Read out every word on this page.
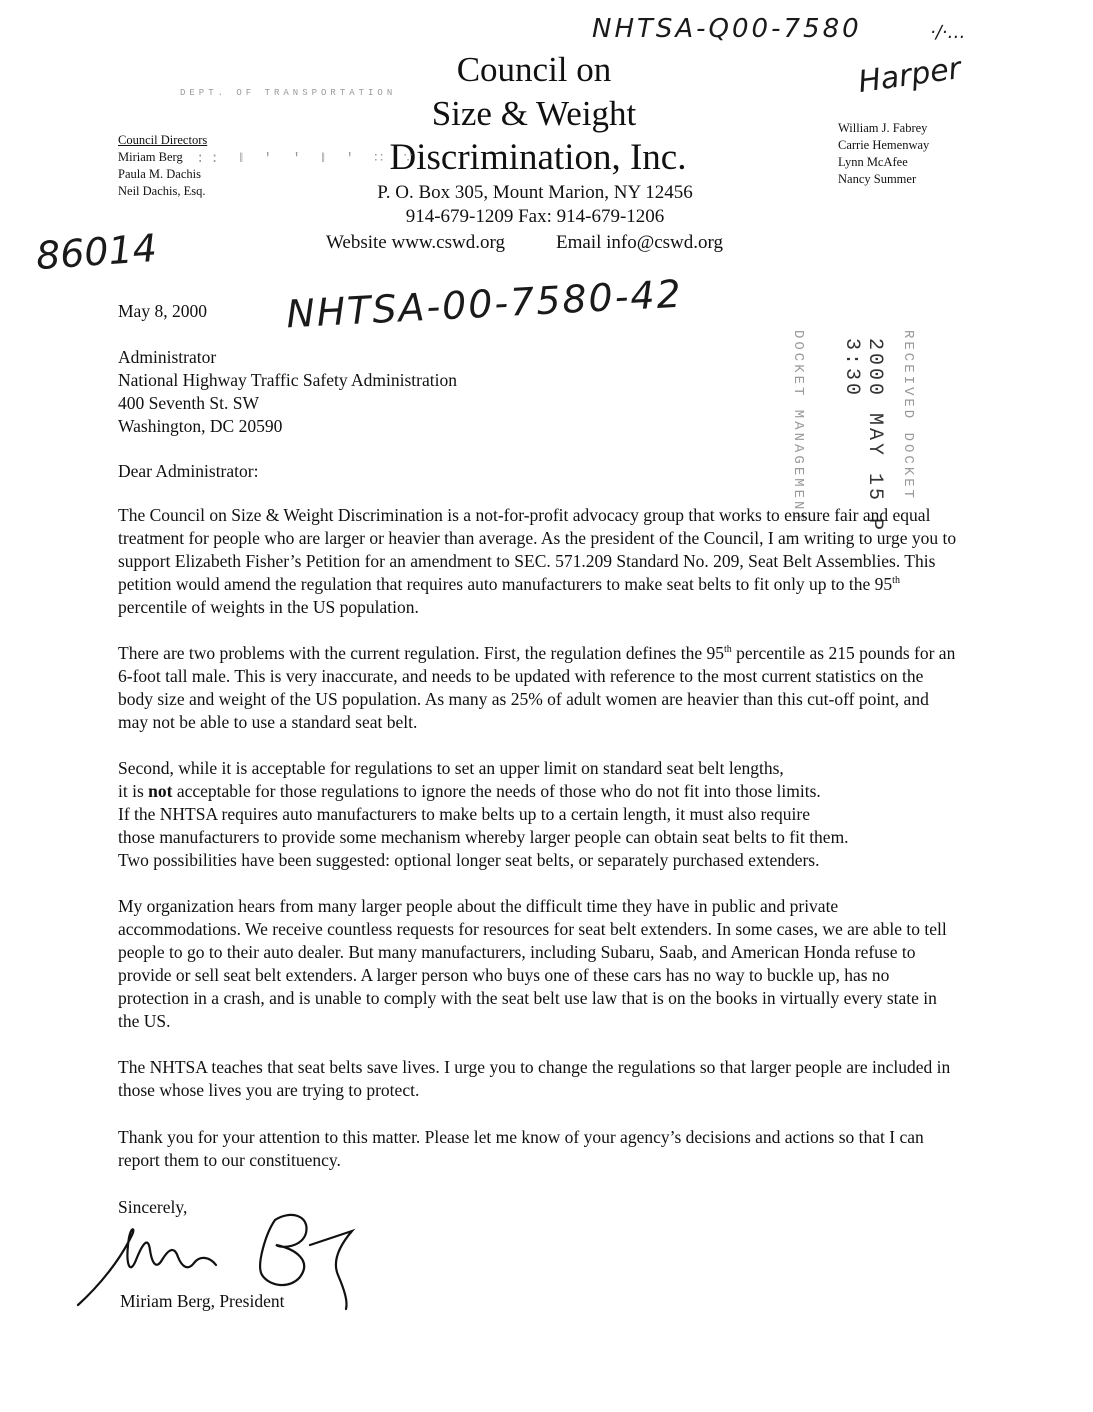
NHTSA-Q00-7580	·∕·…
Harper
DEPT. OF TRANSPORTATION
Council on
Size & Weight
Discrimination, Inc.
P. O. Box 305, Mount Marion, NY 12456
914-679-1209 Fax: 914-679-1206
Website www.cswd.org	Email info@cswd.org
Council Directors
Miriam Berg
Paula M. Dachis
Neil Dachis, Esq.
:: ‖ ' ' ‖ ' ∷ ∵
William J. Fabrey
Carrie Hemenway
Lynn McAfee
Nancy Summer
86014
May 8, 2000 NHTSA-00-7580-42
Administrator
National Highway Traffic Safety Administration
400 Seventh St. SW
Washington, DC 20590	DOCKET MANAGEMENT	2000 MAY 15 P 3:30	RECEIVED DOCKET
Dear Administrator:

The Council on Size & Weight Discrimination is a not-for-profit advocacy group that works to ensure fair and equal treatment for people who are larger or heavier than average. As the president of the Council, I am writing to urge you to support Elizabeth Fisher’s Petition for an amendment to SEC. 571.209 Standard No. 209, Seat Belt Assemblies. This petition would amend the regulation that requires auto manufacturers to make seat belts to fit only up to the 95th percentile of weights in the US population.

There are two problems with the current regulation. First, the regulation defines the 95th percentile as 215 pounds for an 6-foot tall male. This is very inaccurate, and needs to be updated with reference to the most current statistics on the body size and weight of the US population. As many as 25% of adult women are heavier than this cut-off point, and may not be able to use a standard seat belt.

Second, while it is acceptable for regulations to set an upper limit on standard seat belt lengths,
it is not acceptable for those regulations to ignore the needs of those who do not fit into those limits.
If the NHTSA requires auto manufacturers to make belts up to a certain length, it must also require
those manufacturers to provide some mechanism whereby larger people can obtain seat belts to fit them.
Two possibilities have been suggested: optional longer seat belts, or separately purchased extenders.

My organization hears from many larger people about the difficult time they have in public and private accommodations. We receive countless requests for resources for seat belt extenders. In some cases, we are able to tell people to go to their auto dealer. But many manufacturers, including Subaru, Saab, and American Honda refuse to provide or sell seat belt extenders. A larger person who buys one of these cars has no way to buckle up, has no protection in a crash, and is unable to comply with the seat belt use law that is on the books in virtually every state in the US.

The NHTSA teaches that seat belts save lives. I urge you to change the regulations so that larger people are included in those whose lives you are trying to protect.

Thank you for your attention to this matter. Please let me know of your agency’s decisions and actions so that I can report them to our constituency.

Sincerely,
Miriam Berg, President
